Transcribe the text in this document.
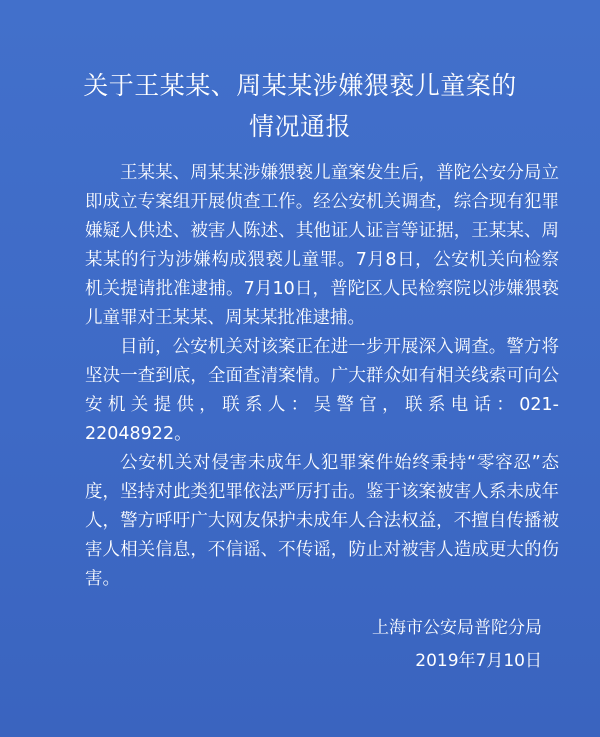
关于王某某、周某某涉嫌猥亵儿童案的
情况通报

王某某、周某某涉嫌猥亵儿童案发生后，普陀公安分局立即成立专案组开展侦查工作。经公安机关调查，综合现有犯罪嫌疑人供述、被害人陈述、其他证人证言等证据，王某某、周某某的行为涉嫌构成猥亵儿童罪。7月8日，公安机关向检察机关提请批准逮捕。7月10日，普陀区人民检察院以涉嫌猥亵儿童罪对王某某、周某某批准逮捕。

目前，公安机关对该案正在进一步开展深入调查。警方将坚决一查到底，全面查清案情。广大群众如有相关线索可向公安机关提供，联系人：吴警官，联系电话：021-22048922。

公安机关对侵害未成年人犯罪案件始终秉持“零容忍”态度，坚持对此类犯罪依法严厉打击。鉴于该案被害人系未成年人，警方呼吁广大网友保护未成年人合法权益，不擅自传播被害人相关信息，不信谣、不传谣，防止对被害人造成更大的伤害。

上海市公安局普陀分局
2019年7月10日
